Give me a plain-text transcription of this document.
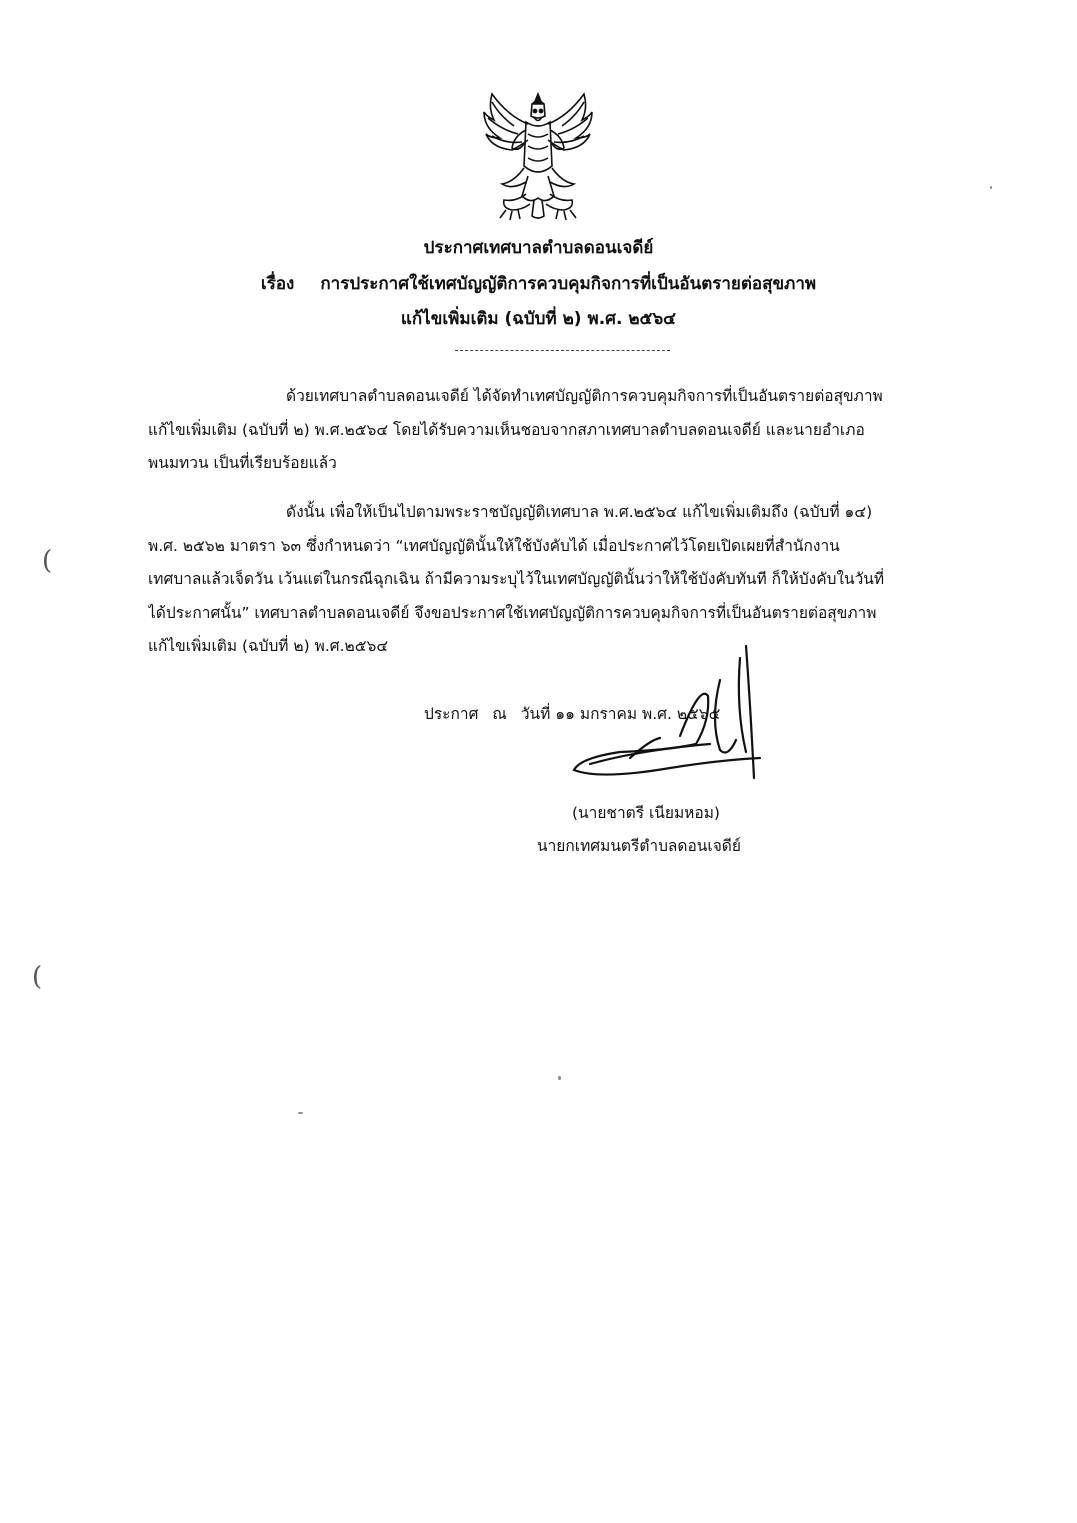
ประกาศเทศบาลตำบลดอนเจดีย์
เรื่อง การประกาศใช้เทศบัญญัติการควบคุมกิจการที่เป็นอันตรายต่อสุขภาพ
แก้ไขเพิ่มเติม (ฉบับที่ ๒) พ.ศ. ๒๕๖๔
ด้วยเทศบาลตำบลดอนเจดีย์ ได้จัดทำเทศบัญญัติการควบคุมกิจการที่เป็นอันตรายต่อสุขภาพ
แก้ไขเพิ่มเติม (ฉบับที่ ๒) พ.ศ.๒๕๖๔ โดยได้รับความเห็นชอบจากสภาเทศบาลตำบลดอนเจดีย์ และนายอำเภอ
พนมทวน เป็นที่เรียบร้อยแล้ว
ดังนั้น เพื่อให้เป็นไปตามพระราชบัญญัติเทศบาล พ.ศ.๒๕๖๔ แก้ไขเพิ่มเติมถึง (ฉบับที่ ๑๔)
พ.ศ. ๒๕๖๒ มาตรา ๖๓ ซึ่งกำหนดว่า “เทศบัญญัตินั้นให้ใช้บังคับได้ เมื่อประกาศไว้โดยเปิดเผยที่สำนักงาน
เทศบาลแล้วเจ็ดวัน เว้นแต่ในกรณีฉุกเฉิน ถ้ามีความระบุไว้ในเทศบัญญัตินั้นว่าให้ใช้บังคับทันที ก็ให้บังคับในวันที่
ได้ประกาศนั้น” เทศบาลตำบลดอนเจดีย์ จึงขอประกาศใช้เทศบัญญัติการควบคุมกิจการที่เป็นอันตรายต่อสุขภาพ
แก้ไขเพิ่มเติม (ฉบับที่ ๒) พ.ศ.๒๕๖๔
ประกาศ ณ วันที่ ๑๑ มกราคม พ.ศ. ๒๕๖๕
(นายชาตรี เนียมหอม)
นายกเทศมนตรีตำบลดอนเจดีย์
(
(
